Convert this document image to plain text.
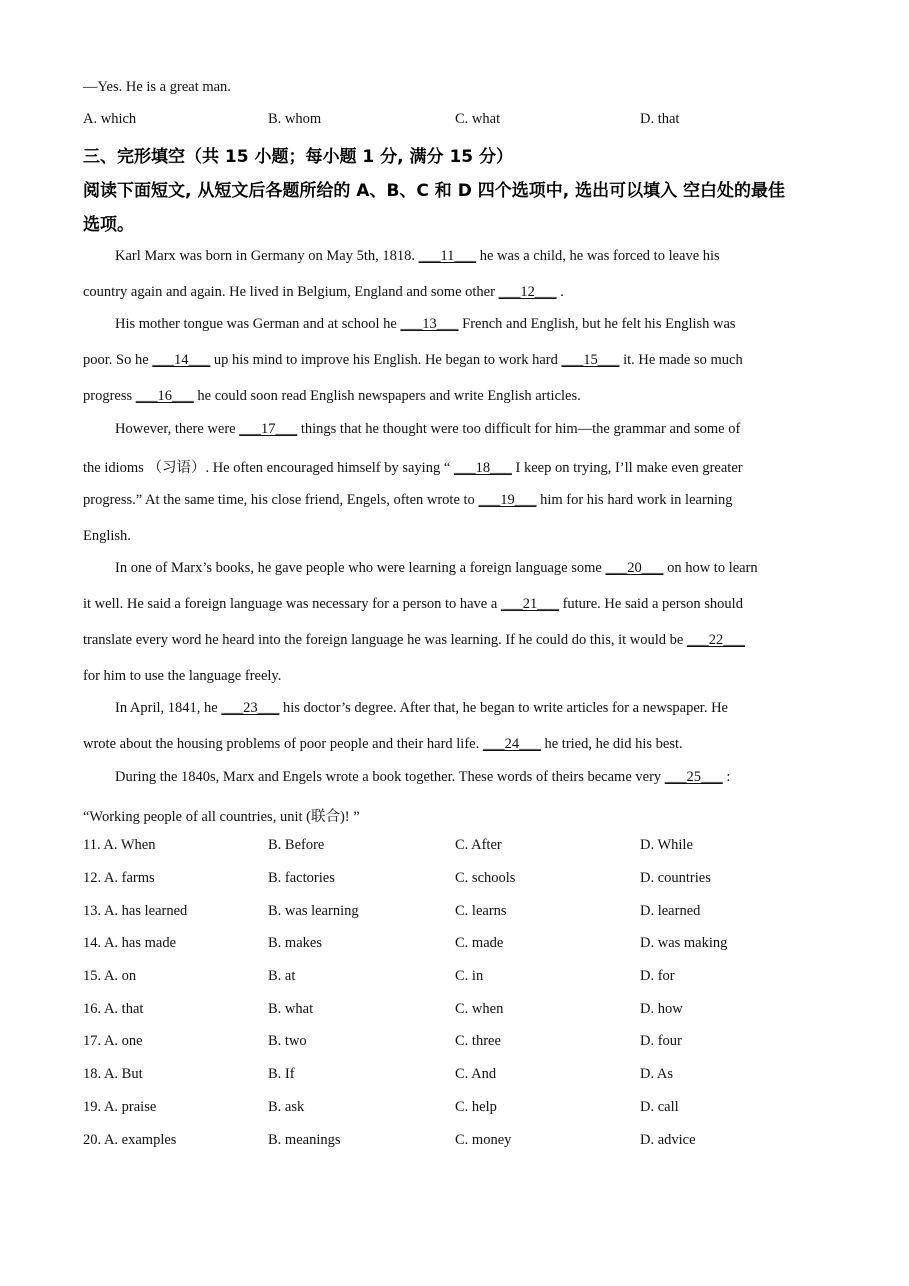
—Yes. He is a great man.
A. which	B. whom	C. what	D. that
三、完形填空（共 15 小题；每小题 1 分, 满分 15 分）
阅读下面短文, 从短文后各题所给的 A、B、C 和 D 四个选项中, 选出可以填入 空白处的最佳
选项。
Karl Marx was born in Germany on May 5th, 1818. ___11___ he was a child, he was forced to leave his
country again and again. He lived in Belgium, England and some other ___12___ .
His mother tongue was German and at school he ___13___ French and English, but he felt his English was
poor. So he ___14___ up his mind to improve his English. He began to work hard ___15___ it. He made so much
progress ___16___ he could soon read English newspapers and write English articles.
However, there were ___17___ things that he thought were too difficult for him—the grammar and some of
the idioms （习语）. He often encouraged himself by saying “ ___18___ I keep on trying, I’ll make even greater
progress.” At the same time, his close friend, Engels, often wrote to ___19___ him for his hard work in learning
English.
In one of Marx’s books, he gave people who were learning a foreign language some ___20___ on how to learn
it well. He said a foreign language was necessary for a person to have a ___21___ future. He said a person should
translate every word he heard into the foreign language he was learning. If he could do this, it would be ___22___
for him to use the language freely.
In April, 1841, he ___23___ his doctor’s degree. After that, he began to write articles for a newspaper. He
wrote about the housing problems of poor people and their hard life. ___24___ he tried, he did his best.
During the 1840s, Marx and Engels wrote a book together. These words of theirs became very ___25___ :
“Working people of all countries, unit (联合)! ”
11. A. When	B. Before	C. After	D. While
12. A. farms	B. factories	C. schools	D. countries
13. A. has learned	B. was learning	C. learns	D. learned
14. A. has made	B. makes	C. made	D. was making
15. A. on	B. at	C. in	D. for
16. A. that	B. what	C. when	D. how
17. A. one	B. two	C. three	D. four
18. A. But	B. If	C. And	D. As
19. A. praise	B. ask	C. help	D. call
20. A. examples	B. meanings	C. money	D. advice
